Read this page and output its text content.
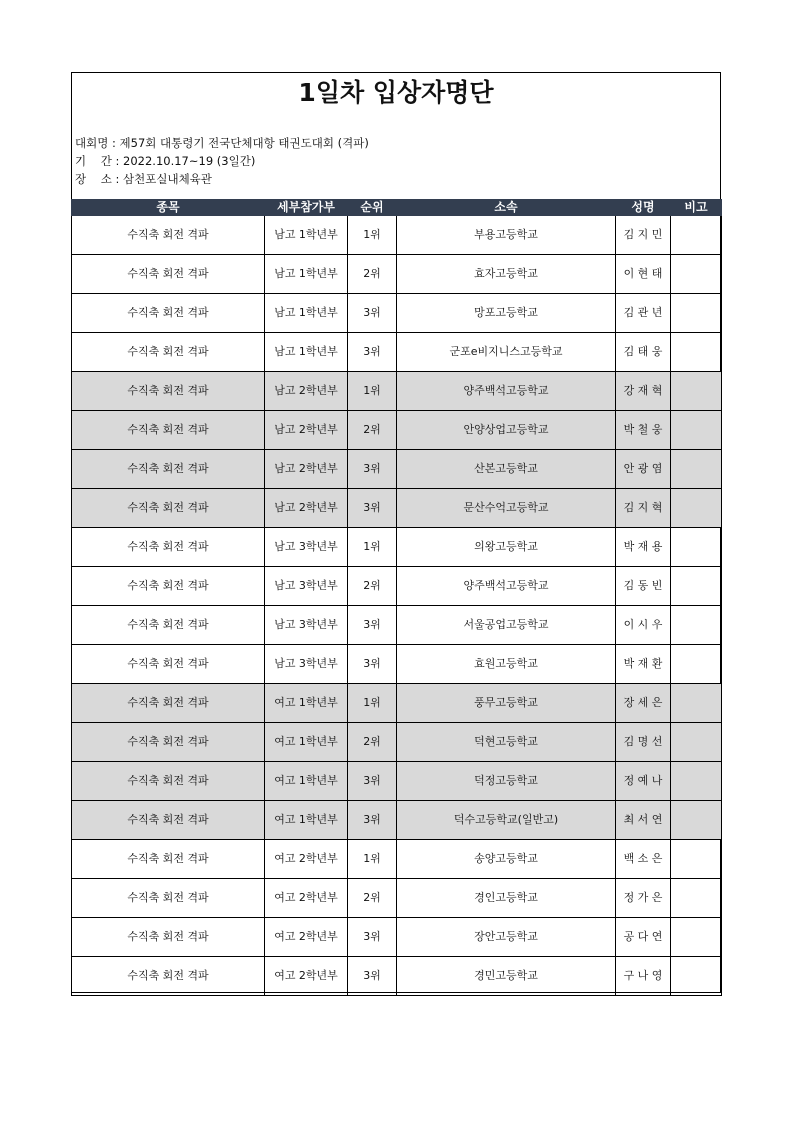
1일차 입상자명단
대회명 : 제57회 대통령기 전국단체대항 태권도대회 (격파)
기    간 : 2022.10.17~19 (3일간)
장    소 : 삼천포실내체육관
종목	세부참가부	순위	소속	성명	비고
수직축 회전 격파	남고 1학년부	1위	부용고등학교	김 지 민	
수직축 회전 격파	남고 1학년부	2위	효자고등학교	이 현 태	
수직축 회전 격파	남고 1학년부	3위	망포고등학교	김 관 년	
수직축 회전 격파	남고 1학년부	3위	군포e비지니스고등학교	김 태 웅	
수직축 회전 격파	남고 2학년부	1위	양주백석고등학교	강 재 혁	
수직축 회전 격파	남고 2학년부	2위	안양상업고등학교	박 철 웅	
수직축 회전 격파	남고 2학년부	3위	산본고등학교	안 광 염	
수직축 회전 격파	남고 2학년부	3위	문산수억고등학교	김 지 혁	
수직축 회전 격파	남고 3학년부	1위	의왕고등학교	박 재 용	
수직축 회전 격파	남고 3학년부	2위	양주백석고등학교	김 동 빈	
수직축 회전 격파	남고 3학년부	3위	서울공업고등학교	이 시 우	
수직축 회전 격파	남고 3학년부	3위	효원고등학교	박 재 환	
수직축 회전 격파	여고 1학년부	1위	풍무고등학교	장 세 은	
수직축 회전 격파	여고 1학년부	2위	덕현고등학교	김 명 선	
수직축 회전 격파	여고 1학년부	3위	덕정고등학교	정 예 나	
수직축 회전 격파	여고 1학년부	3위	덕수고등학교(일반고)	최 서 연	
수직축 회전 격파	여고 2학년부	1위	송양고등학교	백 소 은	
수직축 회전 격파	여고 2학년부	2위	경인고등학교	정 가 은	
수직축 회전 격파	여고 2학년부	3위	장안고등학교	공 다 연	
수직축 회전 격파	여고 2학년부	3위	경민고등학교	구 나 영	
